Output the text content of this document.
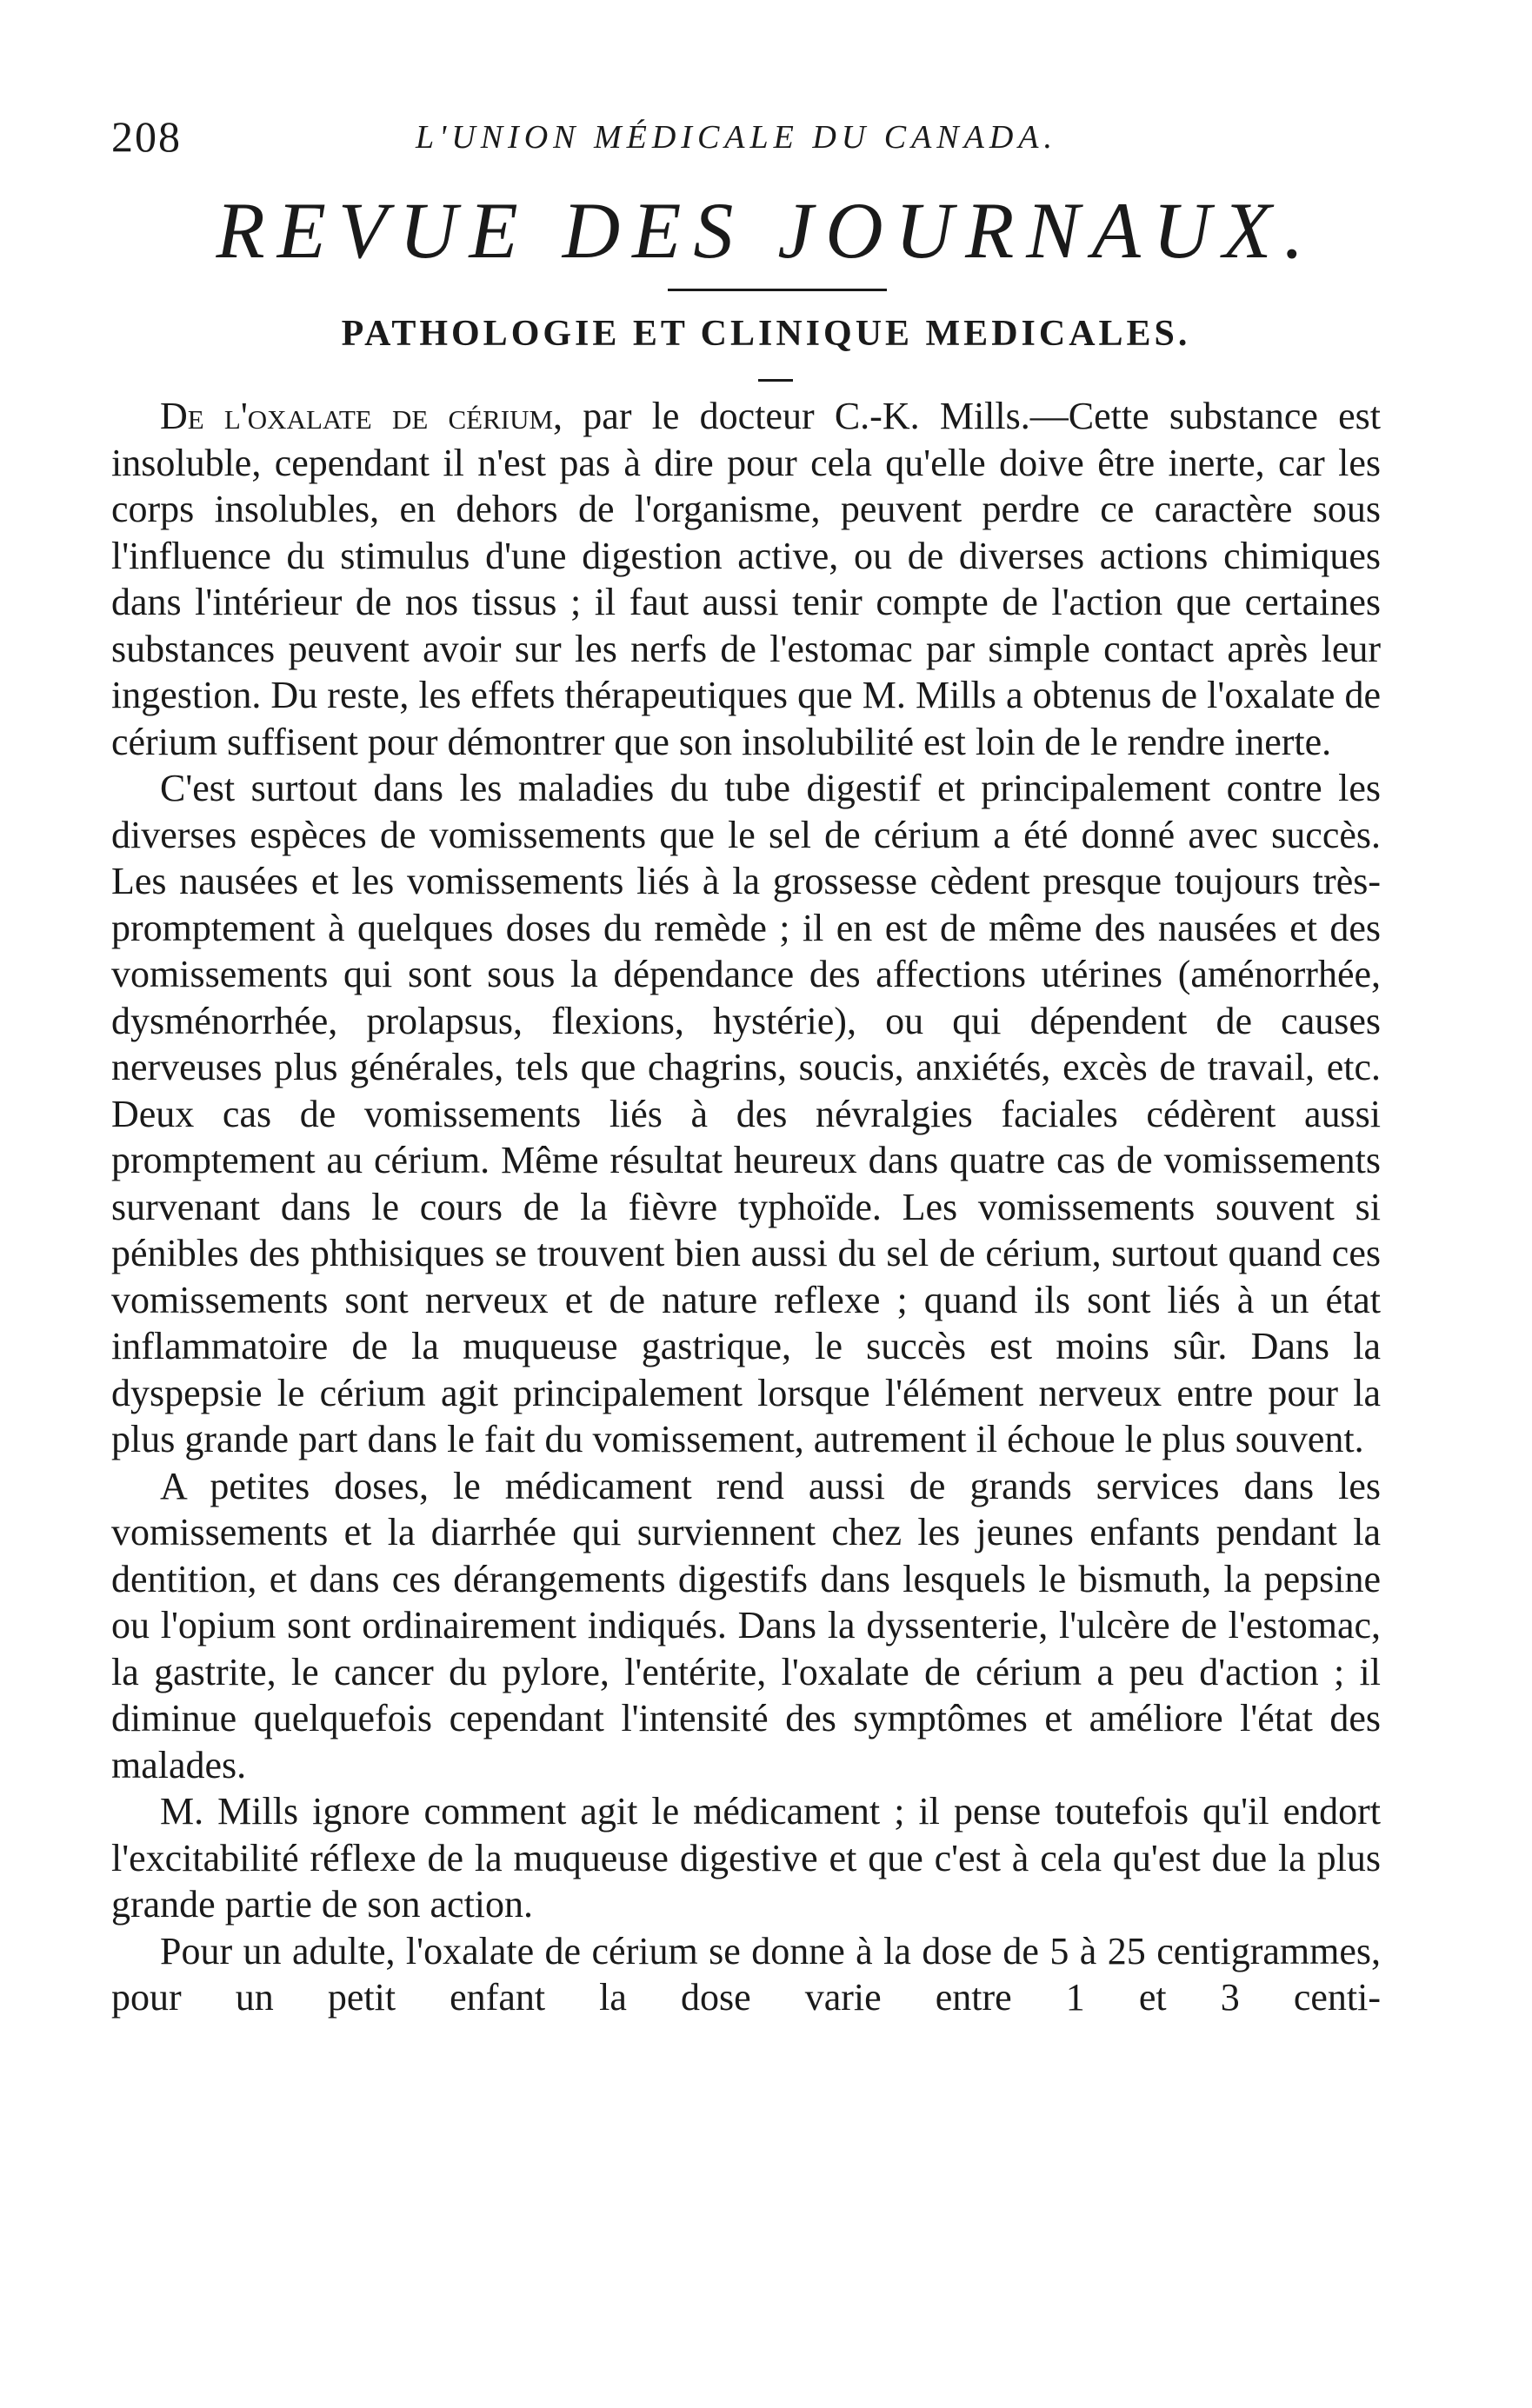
208	L'UNION MÉDICALE DU CANADA.
REVUE DES JOURNAUX.
PATHOLOGIE ET CLINIQUE MEDICALES.

De l'oxalate de cérium, par le docteur C.-K. Mills.—Cette substance est insoluble, cependant il n'est pas à dire pour cela qu'elle doive être inerte, car les corps insolubles, en dehors de l'organisme, peuvent perdre ce caractère sous l'influence du stimulus d'une digestion active, ou de diverses actions chimiques dans l'intérieur de nos tissus ; il faut aussi tenir compte de l'action que certaines substances peuvent avoir sur les nerfs de l'estomac par simple contact après leur ingestion. Du reste, les effets thérapeutiques que M. Mills a obtenus de l'oxalate de cérium suffisent pour démontrer que son insolubilité est loin de le rendre inerte.

C'est surtout dans les maladies du tube digestif et principalement contre les diverses espèces de vomissements que le sel de cérium a été donné avec succès. Les nausées et les vomissements liés à la grossesse cèdent presque toujours très-promptement à quelques doses du remède ; il en est de même des nausées et des vomissements qui sont sous la dépendance des affections utérines (aménorrhée, dysménorrhée, prolapsus, flexions, hystérie), ou qui dépendent de causes nerveuses plus générales, tels que chagrins, soucis, anxiétés, excès de travail, etc. Deux cas de vomissements liés à des névralgies faciales cédèrent aussi promptement au cérium. Même résultat heureux dans quatre cas de vomissements survenant dans le cours de la fièvre typhoïde. Les vomissements souvent si pénibles des phthisiques se trouvent bien aussi du sel de cérium, surtout quand ces vomissements sont nerveux et de nature reflexe ; quand ils sont liés à un état inflammatoire de la muqueuse gastrique, le succès est moins sûr. Dans la dyspepsie le cérium agit principalement lorsque l'élément nerveux entre pour la plus grande part dans le fait du vomissement, autrement il échoue le plus souvent.

A petites doses, le médicament rend aussi de grands services dans les vomissements et la diarrhée qui surviennent chez les jeunes enfants pendant la dentition, et dans ces dérangements digestifs dans lesquels le bismuth, la pepsine ou l'opium sont ordinairement indiqués. Dans la dyssenterie, l'ulcère de l'estomac, la gastrite, le cancer du pylore, l'entérite, l'oxalate de cérium a peu d'action ; il diminue quelquefois cependant l'intensité des symptômes et améliore l'état des malades.

M. Mills ignore comment agit le médicament ; il pense toutefois qu'il endort l'excitabilité réflexe de la muqueuse digestive et que c'est à cela qu'est due la plus grande partie de son action.

Pour un adulte, l'oxalate de cérium se donne à la dose de 5 à 25 centigrammes, pour un petit enfant la dose varie entre 1 et 3 centi-
